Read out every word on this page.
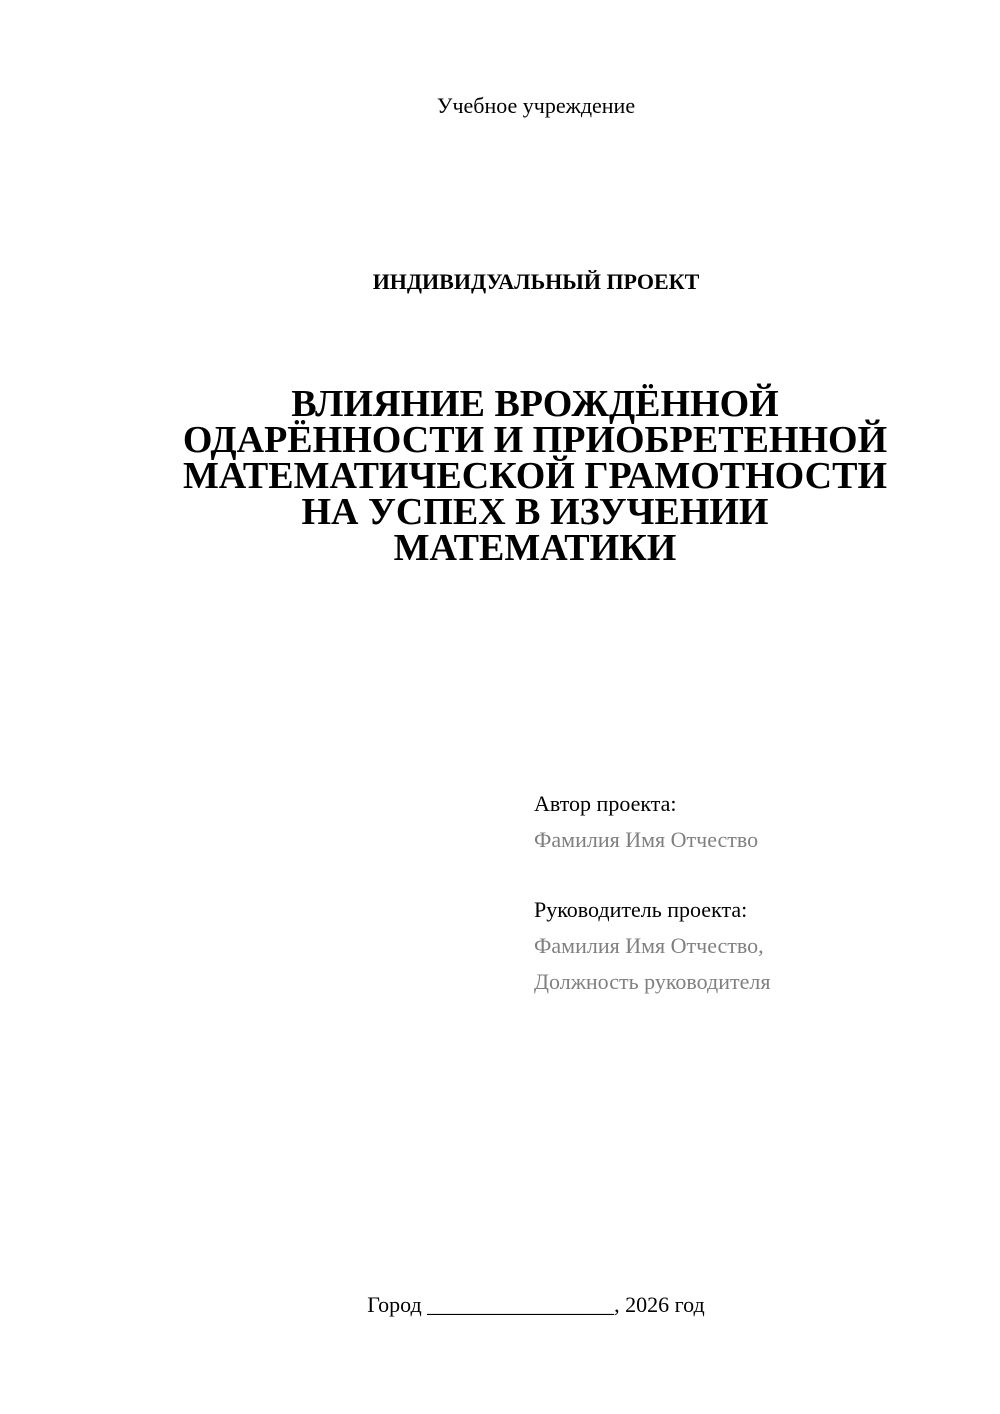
Учебное учреждение
ИНДИВИДУАЛЬНЫЙ ПРОЕКТ
ВЛИЯНИЕ ВРОЖДЁННОЙ
ОДАРЁННОСТИ И ПРИОБРЕТЕННОЙ
МАТЕМАТИЧЕСКОЙ ГРАМОТНОСТИ
НА УСПЕХ В ИЗУЧЕНИИ
МАТЕМАТИКИ
Автор проекта:
Фамилия Имя Отчество
Руководитель проекта:
Фамилия Имя Отчество,
Должность руководителя
Город _________________, 2026 год
